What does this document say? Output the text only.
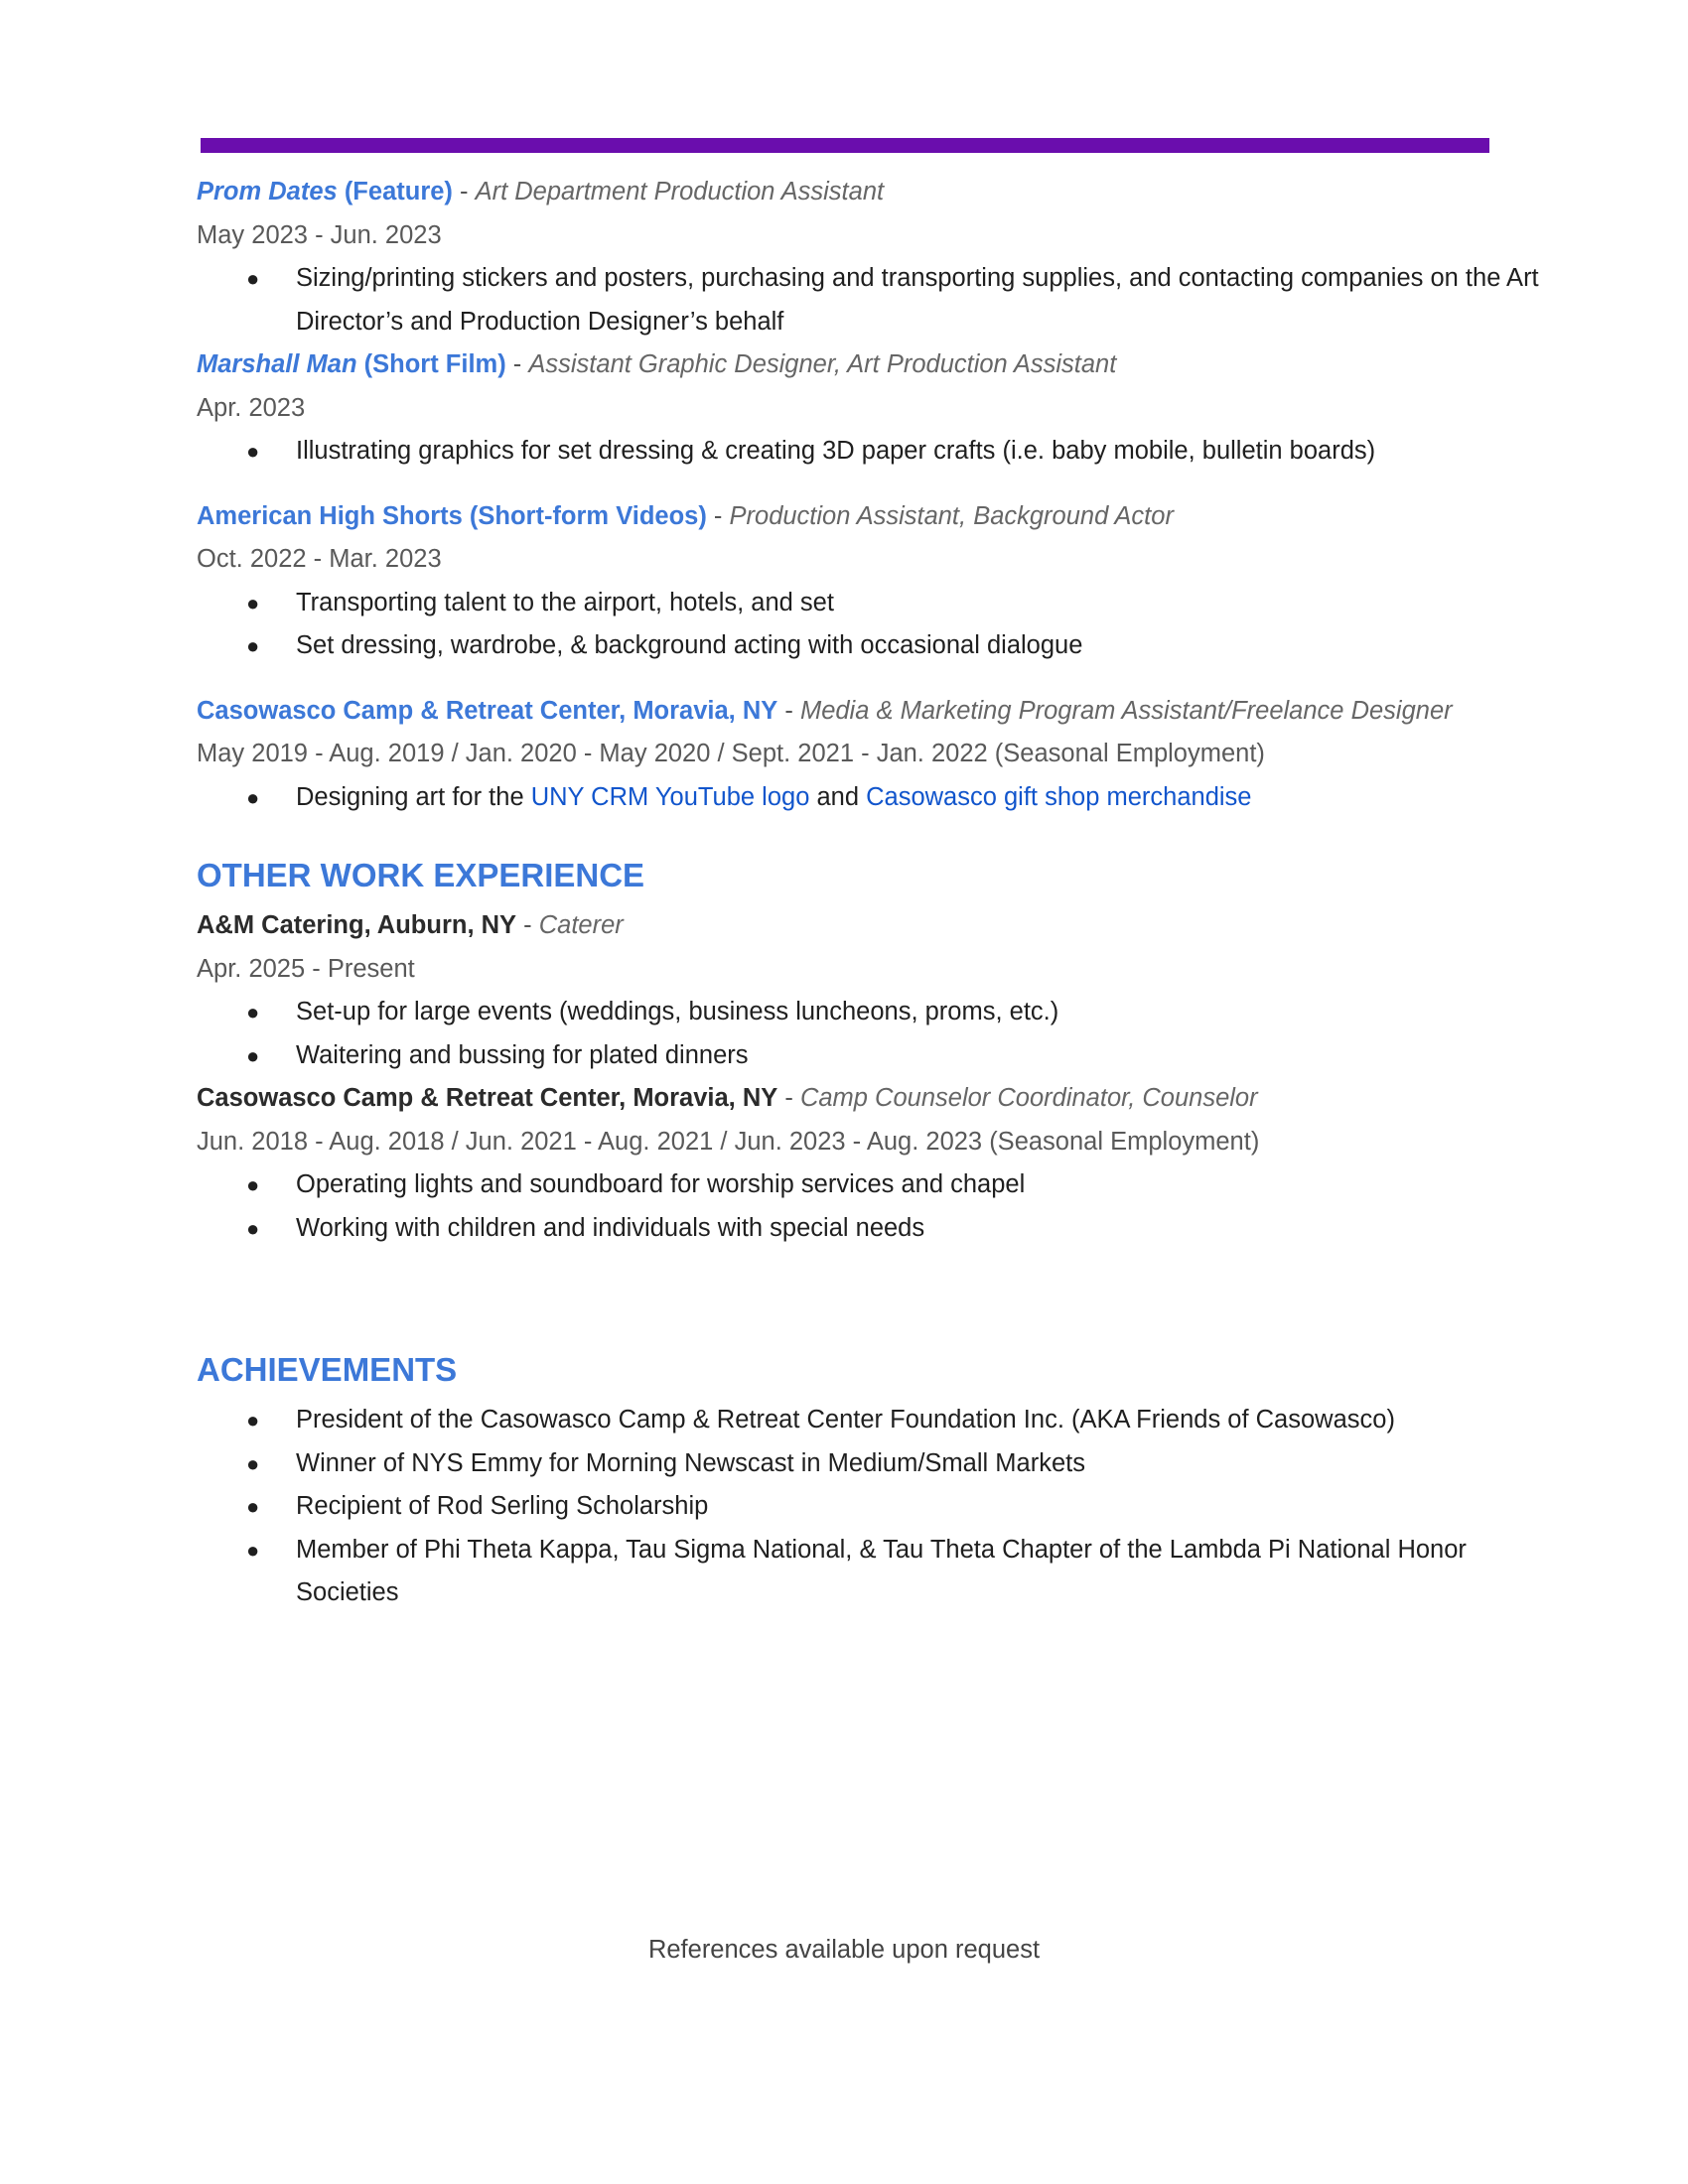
Prom Dates (Feature) - Art Department Production Assistant
May 2023 - Jun. 2023
● Sizing/printing stickers and posters, purchasing and transporting supplies, and contacting companies on the Art Director’s and Production Designer’s behalf
Marshall Man (Short Film) - Assistant Graphic Designer, Art Production Assistant
Apr. 2023
● Illustrating graphics for set dressing & creating 3D paper crafts (i.e. baby mobile, bulletin boards)
American High Shorts (Short-form Videos) - Production Assistant, Background Actor
Oct. 2022 - Mar. 2023
● Transporting talent to the airport, hotels, and set
● Set dressing, wardrobe, & background acting with occasional dialogue
Casowasco Camp & Retreat Center, Moravia, NY - Media & Marketing Program Assistant/Freelance Designer
May 2019 - Aug. 2019 / Jan. 2020 - May 2020 / Sept. 2021 - Jan. 2022 (Seasonal Employment)
● Designing art for the UNY CRM YouTube logo and Casowasco gift shop merchandise
OTHER WORK EXPERIENCE
A&M Catering, Auburn, NY - Caterer
Apr. 2025 - Present
● Set-up for large events (weddings, business luncheons, proms, etc.)
● Waitering and bussing for plated dinners
Casowasco Camp & Retreat Center, Moravia, NY - Camp Counselor Coordinator, Counselor
Jun. 2018 - Aug. 2018 / Jun. 2021 - Aug. 2021 / Jun. 2023 - Aug. 2023 (Seasonal Employment)
● Operating lights and soundboard for worship services and chapel
● Working with children and individuals with special needs
ACHIEVEMENTS
● President of the Casowasco Camp & Retreat Center Foundation Inc. (AKA Friends of Casowasco)
● Winner of NYS Emmy for Morning Newscast in Medium/Small Markets
● Recipient of Rod Serling Scholarship
● Member of Phi Theta Kappa, Tau Sigma National, & Tau Theta Chapter of the Lambda Pi National Honor Societies
References available upon request
